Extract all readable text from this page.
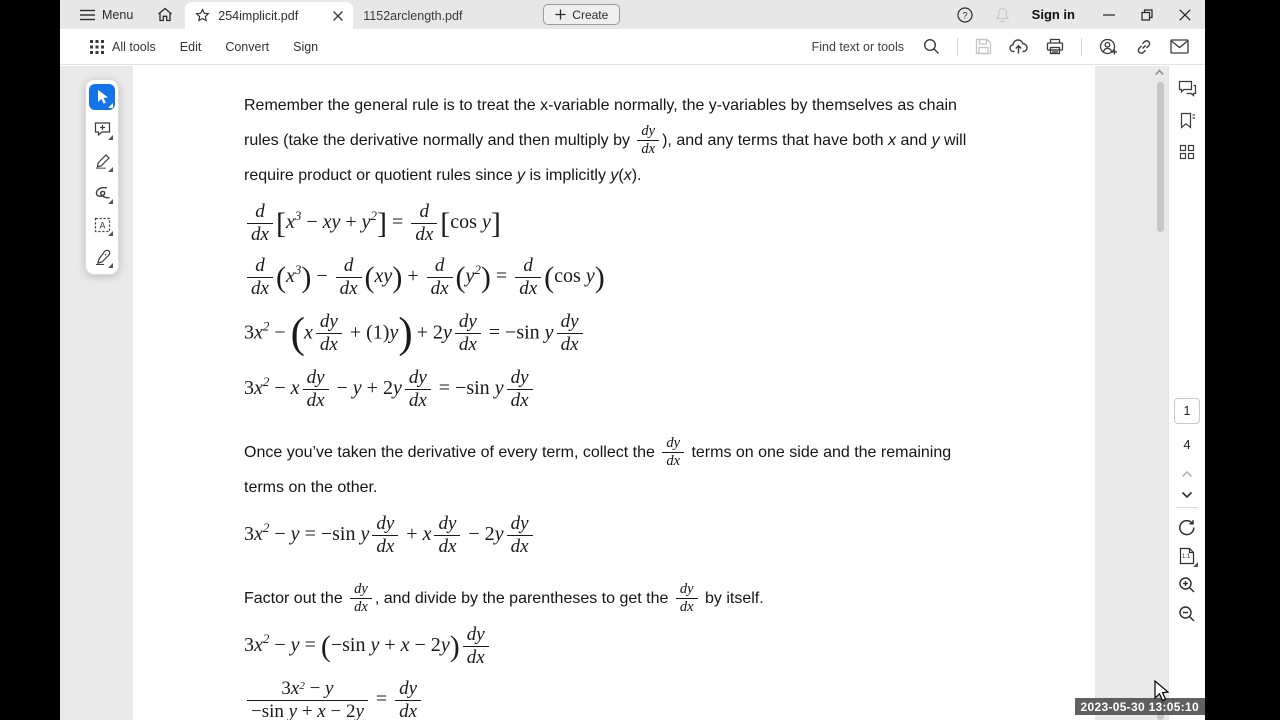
Menu	254implicit.pdf	1152arclength.pdf	Create	?	Sign in
All tools Edit Convert Sign	Find text or tools
Remember the general rule is to treat the x-variable normally, the y-variables by themselves as chain rules (take the derivative normally and then multiply by $\frac{dy}{dx}$ ), and any terms that have both x and y will require product or quotient rules since y is implicitly y(x).
$\frac{d}{dx} [x^3$ − xy + $y^2] = \frac{d}{dx} [\cos$ y]
$\frac{d}{dx} (x^3) - \frac{d}{dx} (xy) + \frac{d}{dx} (y^2) = \frac{d}{dx} (\cos$ y)
$3x^2 - (x \frac{dy}{dx} + (1)y) + 2y \frac{dy}{dx} = -\sin$ y $\frac{dy}{dx}$
$3x^2 - x \frac{dy}{dx} - y + 2y \frac{dy}{dx} = -\sin$ y $\frac{dy}{dx}$
Once you’ve taken the derivative of every term, collect the $\frac{dy}{dx}$ terms on one side and the remaining terms on the other.
$3x^2 - y = -\sin$ y $\frac{dy}{dx} + x \frac{dy}{dx} - 2y \frac{dy}{dx}$
Factor out the $\frac{dy}{dx}$ , and divide by the parentheses to get the $\frac{dy}{dx}$ by itself.
$3x^2 - y = (-\sin$ $y + x - 2y) \frac{dy}{dx}$
$\frac{3x^2 - y}{\text{−sin y + x − 2y}} = \frac{dy}{dx}$
A
1
4
1:1
2023-05-30 13:05:10
